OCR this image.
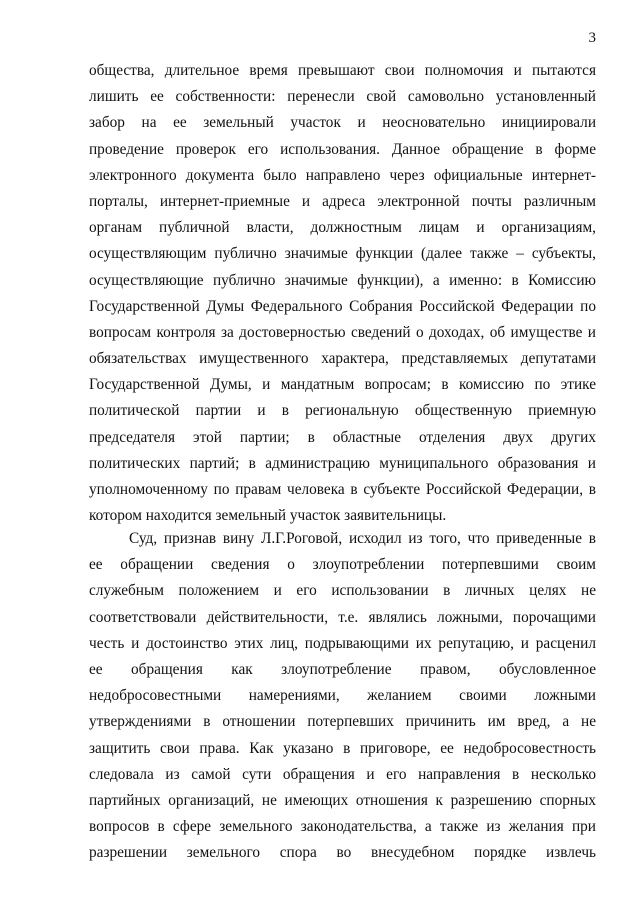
3
общества, длительное время превышают свои полномочия и пытаются
лишить ее собственности: перенесли свой самовольно установленный
забор на ее земельный участок и неосновательно инициировали
проведение проверок его использования. Данное обращение в форме
электронного документа было направлено через официальные интернет-
порталы, интернет-приемные и адреса электронной почты различным
органам публичной власти, должностным лицам и организациям,
осуществляющим публично значимые функции (далее также – субъекты,
осуществляющие публично значимые функции), а именно: в Комиссию
Государственной Думы Федерального Собрания Российской Федерации по
вопросам контроля за достоверностью сведений о доходах, об имуществе и
обязательствах имущественного характера, представляемых депутатами
Государственной Думы, и мандатным вопросам; в комиссию по этике
политической партии и в региональную общественную приемную
председателя этой партии; в областные отделения двух других
политических партий; в администрацию муниципального образования и
уполномоченному по правам человека в субъекте Российской Федерации, в
котором находится земельный участок заявительницы.
Суд, признав вину Л.Г.Роговой, исходил из того, что приведенные в
ее обращении сведения о злоупотреблении потерпевшими своим
служебным положением и его использовании в личных целях не
соответствовали действительности, т.е. являлись ложными, порочащими
честь и достоинство этих лиц, подрывающими их репутацию, и расценил
ее обращения как злоупотребление правом, обусловленное
недобросовестными намерениями, желанием своими ложными
утверждениями в отношении потерпевших причинить им вред, а не
защитить свои права. Как указано в приговоре, ее недобросовестность
следовала из самой сути обращения и его направления в несколько
партийных организаций, не имеющих отношения к разрешению спорных
вопросов в сфере земельного законодательства, а также из желания при
разрешении земельного спора во внесудебном порядке извлечь
